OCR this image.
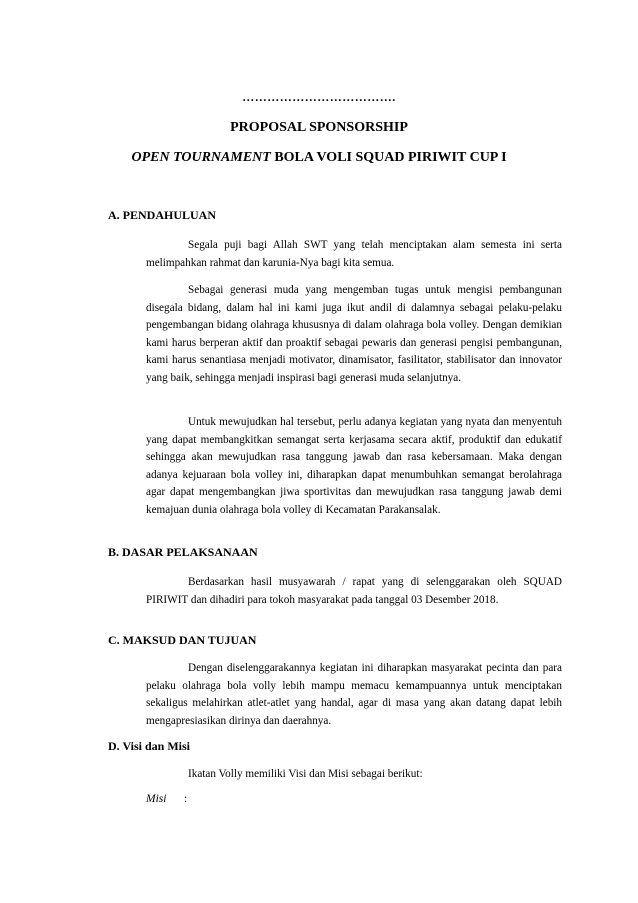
……………………………….
PROPOSAL SPONSORSHIP
OPEN TOURNAMENT BOLA VOLI SQUAD PIRIWIT CUP I

A. PENDAHULUAN

Segala puji bagi Allah SWT yang telah menciptakan alam semesta ini serta melimpahkan rahmat dan karunia-Nya bagi kita semua.

Sebagai generasi muda yang mengemban tugas untuk mengisi pembangunan disegala bidang, dalam hal ini kami juga ikut andil di dalamnya sebagai pelaku-pelaku pengembangan bidang olahraga khususnya di dalam olahraga bola volley. Dengan demikian kami harus berperan aktif dan proaktif sebagai pewaris dan generasi pengisi pembangunan, kami harus senantiasa menjadi motivator, dinamisator, fasilitator, stabilisator dan innovator yang baik, sehingga menjadi inspirasi bagi generasi muda selanjutnya.

Untuk mewujudkan hal tersebut, perlu adanya kegiatan yang nyata dan menyentuh yang dapat membangkitkan semangat serta kerjasama secara aktif, produktif dan edukatif sehingga akan mewujudkan rasa tanggung jawab dan rasa kebersamaan. Maka dengan adanya kejuaraan bola volley ini, diharapkan dapat menumbuhkan semangat berolahraga agar dapat mengembangkan jiwa sportivitas dan mewujudkan rasa tanggung jawab demi kemajuan dunia olahraga bola volley di Kecamatan Parakansalak.

B. DASAR PELAKSANAAN

Berdasarkan hasil musyawarah / rapat yang di selenggarakan oleh SQUAD PIRIWIT dan dihadiri para tokoh masyarakat pada tanggal 03 Desember 2018.

C. MAKSUD DAN TUJUAN

Dengan diselenggarakannya kegiatan ini diharapkan masyarakat pecinta dan para pelaku olahraga bola volly lebih mampu memacu kemampuannya untuk menciptakan sekaligus melahirkan atlet-atlet yang handal, agar di masa yang akan datang dapat lebih mengapresiasikan dirinya dan daerahnya.

D. Visi dan Misi

Ikatan Volly memiliki Visi dan Misi sebagai berikut:

Misi :
